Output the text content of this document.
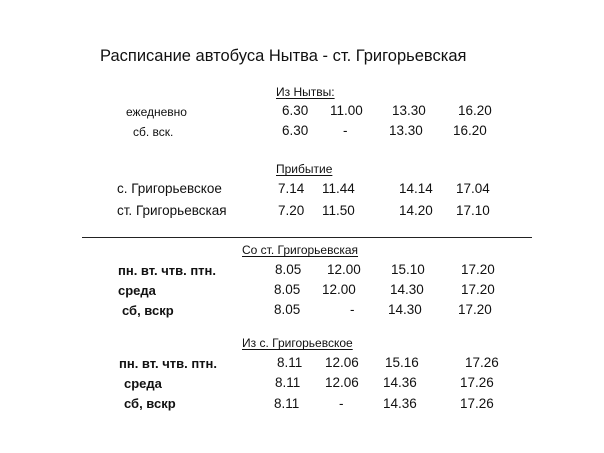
Расписание автобуса Нытва - ст. Григорьевская
Из Нытвы:
ежедневно	6.30 11.00 13.30 16.20
сб. вск.	6.30	-	13.30 16.20
Прибытие
с. Григорьевское	7.14 11.44	14.14 17.04
ст. Григорьевская	7.20 11.50	14.20 17.10
Со ст. Григорьевская
пн. вт. чтв. птн.	8.05 12.00 15.10	17.20
среда	8.05 12.00	14.30	17.20
сб, вскр	8.05	- 14.30	17.20
Из с. Григорьевское
пн. вт. чтв. птн.	8.11 12.06 15.16	17.26
среда	8.11 12.06 14.36	17.26
сб, вскр	8.11	-	14.36	17.26
